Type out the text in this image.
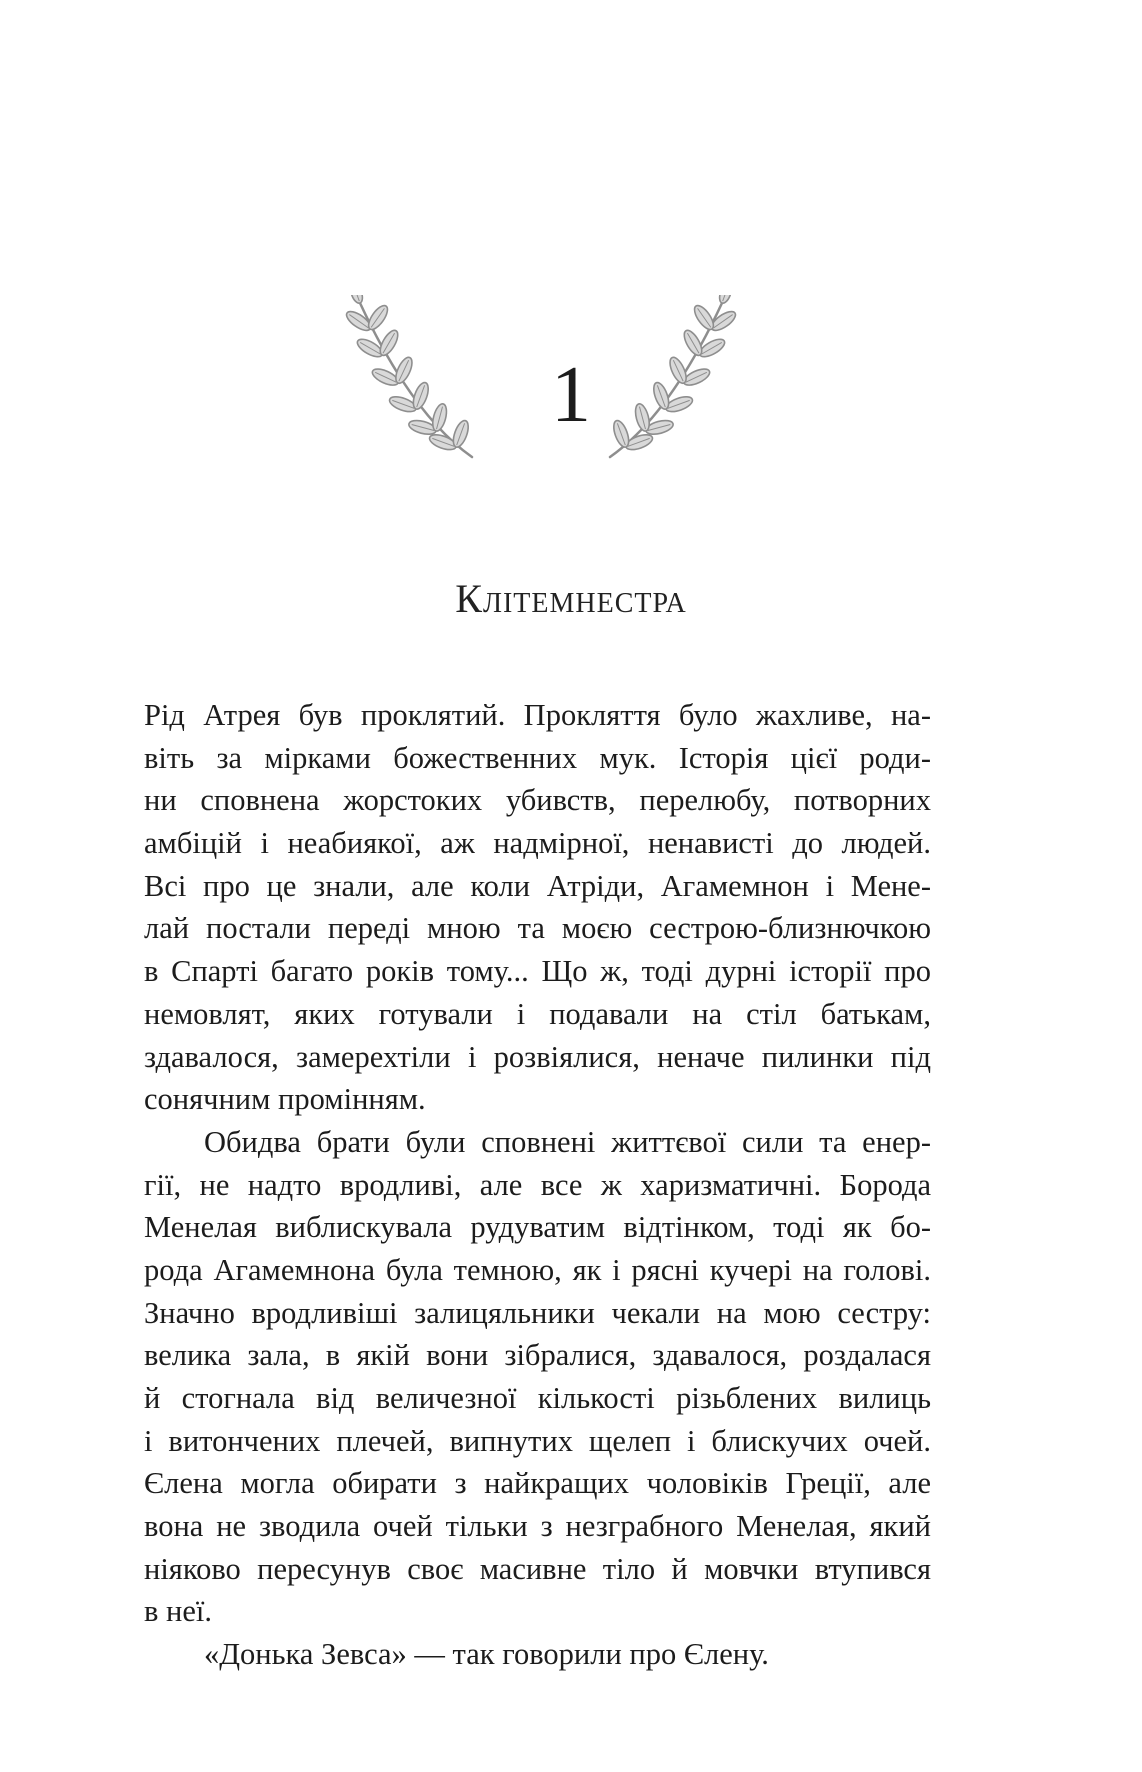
1
Клітемнестра
Рід Атрея був проклятий. Прокляття було жахливе, на-
віть за мірками божественних мук. Історія цієї роди-
ни сповнена жорстоких убивств, перелюбу, потворних
амбіцій і неабиякої, аж надмірної, ненависті до людей.
Всі про це знали, але коли Атріди, Агамемнон і Мене-
лай постали переді мною та моєю сестрою-близнючкою
в Спарті багато років тому... Що ж, тоді дурні історії про
немовлят, яких готували і подавали на стіл батькам,
здавалося, замерехтіли і розвіялися, неначе пилинки під
сонячним промінням.
Обидва брати були сповнені життєвої сили та енер-
гії, не надто вродливі, але все ж харизматичні. Борода
Менелая виблискувала рудуватим відтінком, тоді як бо-
рода Агамемнона була темною, як і рясні кучері на голові.
Значно вродливіші залицяльники чекали на мою сестру:
велика зала, в якій вони зібралися, здавалося, роздалася
й стогнала від величезної кількості різьблених вилиць
і витончених плечей, випнутих щелеп і блискучих очей.
Єлена могла обирати з найкращих чоловіків Греції, але
вона не зводила очей тільки з незграбного Менелая, який
ніяково пересунув своє масивне тіло й мовчки втупився
в неї.
«Донька Зевса» — так говорили про Єлену.
